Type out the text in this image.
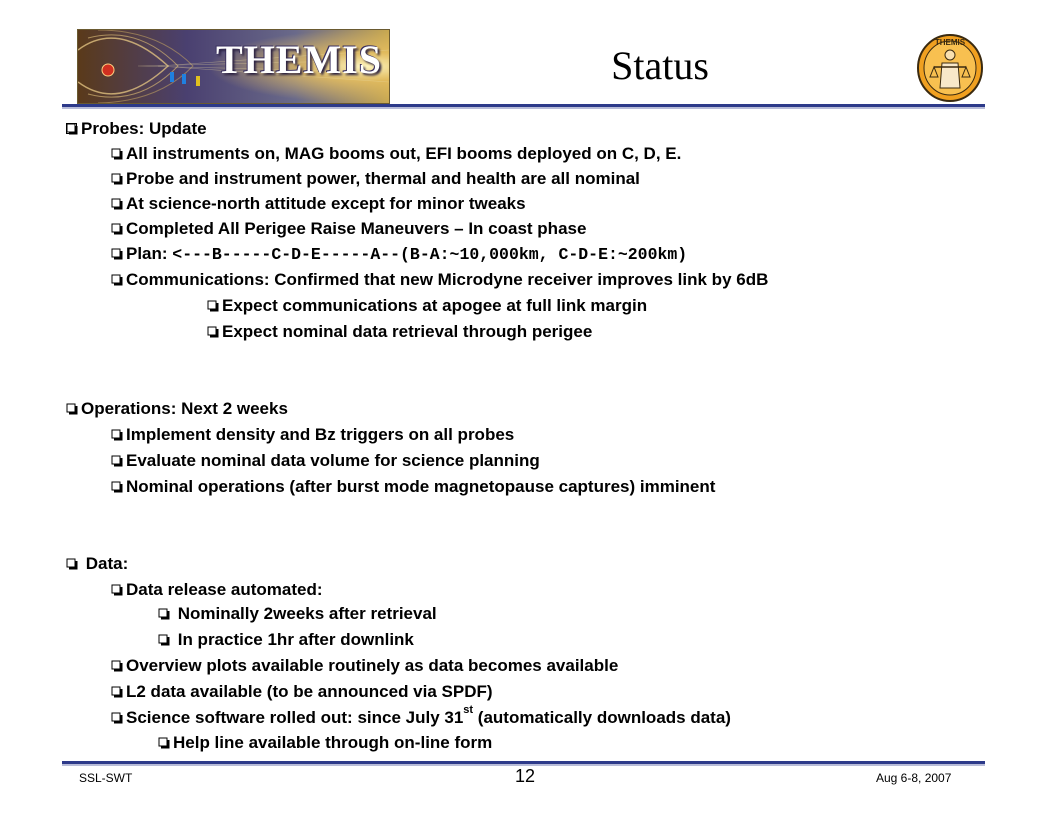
THEMIS	Status
THEMIS
Probes: Update
All instruments on, MAG booms out, EFI booms deployed on C, D, E.
Probe and instrument power, thermal and health are all nominal
At science-north attitude except for minor tweaks
Completed All Perigee Raise Maneuvers – In coast phase
Plan: <---B-----C-D-E-----A--(B-A:~10,000km, C-D-E:~200km)
Communications: Confirmed that new Microdyne receiver improves link by 6dB
Expect communications at apogee at full link margin
Expect nominal data retrieval through perigee
Operations: Next 2 weeks
Implement density and Bz triggers on all probes
Evaluate nominal data volume for science planning
Nominal operations (after burst mode magnetopause captures) imminent
Data:
Data release automated:
Nominally 2weeks after retrieval
In practice 1hr after downlink
Overview plots available routinely as data becomes available
L2 data available (to be announced via SPDF)
Science software rolled out: since July 31st (automatically downloads data)
Help line available through on-line form
SSL-SWT	12	Aug 6-8, 2007
